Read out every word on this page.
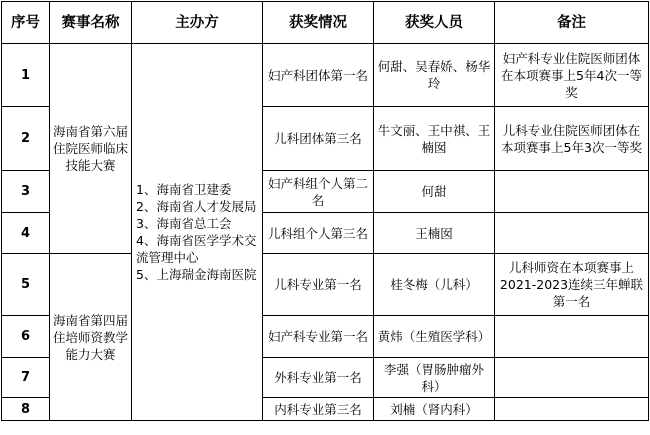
序号	赛事名称	主办方	获奖情况	获奖人员	备注
1	海南省第六届住院医师临床技能大赛	1、海南省卫建委
2、海南省人才发展局
3、海南省总工会
4、海南省医学学术交流管理中心
5、上海瑞金海南医院	妇产科团体第一名	何甜、吴春娇、杨华玲	妇产科专业住院医师团体在本项赛事上5年4次一等奖
2			儿科团体第三名	牛文丽、王中祺、王楠囡	儿科专业住院医师团体在本项赛事上5年3次一等奖
3			妇产科组个人第二名	何甜	
4			儿科组个人第三名	王楠囡	
5	海南省第四届住培师资教学能力大赛		儿科专业第一名	桂冬梅（儿科）	儿科师资在本项赛事上2021-2023连续三年蝉联第一名
6			妇产科专业第一名	黄炜（生殖医学科）	
7			外科专业第一名	李强（胃肠肿瘤外科）	
8			内科专业第三名	刘楠（肾内科）	
